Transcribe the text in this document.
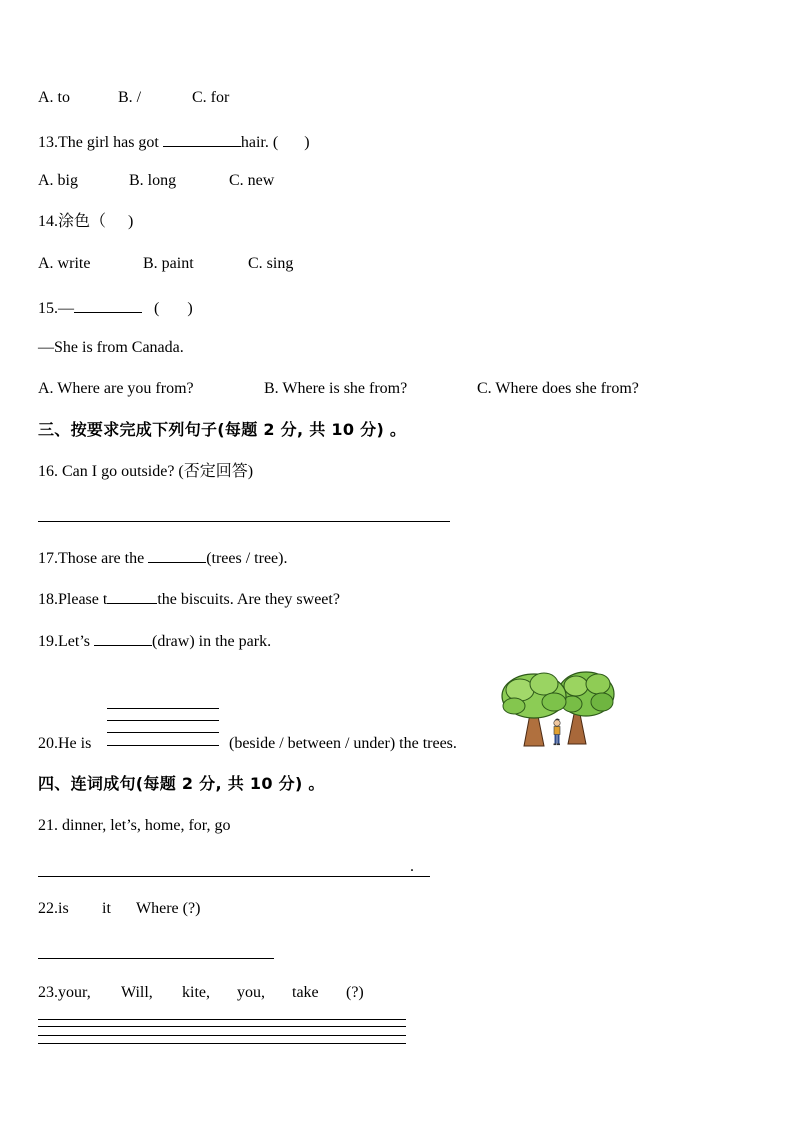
A. to	B. /	C. for
13.The girl has got	hair. ( )
A. big	B. long	C. new
14.涂色（ )
A. write	B. paint	C. sing
15.—	( )
—She is from Canada.
A. Where are you from?	B. Where is she from?	C. Where does she from?
三、按要求完成下列句子(每题 2 分, 共 10 分) 。
16. Can I go outside? (否定回答)
17.Those are the	(trees / tree).
18.Please t	the biscuits. Are they sweet?
19.Let’s	(draw) in the park.
20.He is	(beside / between / under) the trees.
四、连词成句(每题 2 分, 共 10 分) 。
21. dinner, let’s, home, for, go
.
22.is it Where (?)
23.your, Will, kite, you, take (?)
